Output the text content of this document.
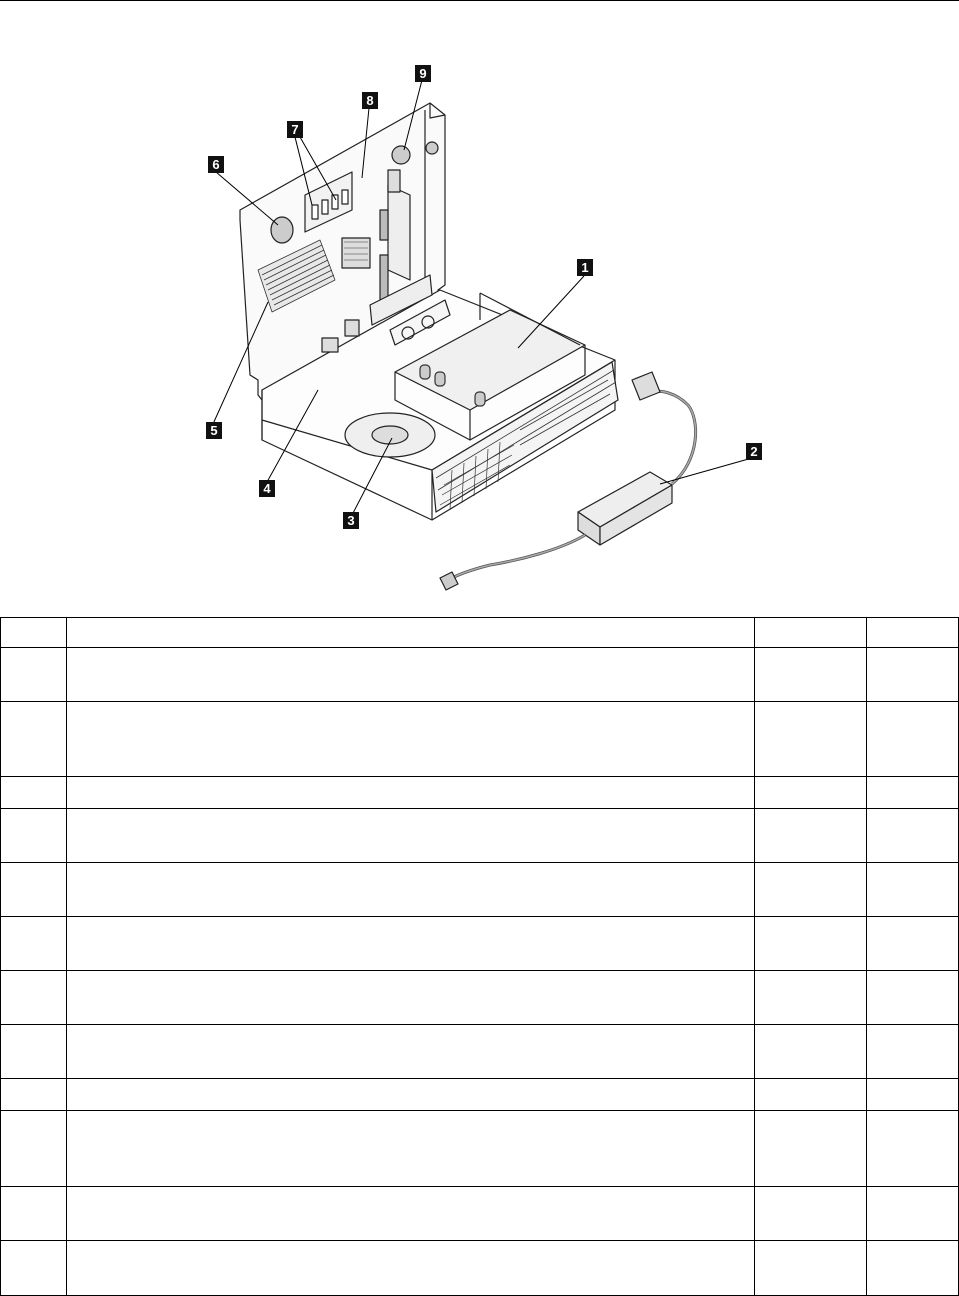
1
2
3
4
5
6
7
8
9
